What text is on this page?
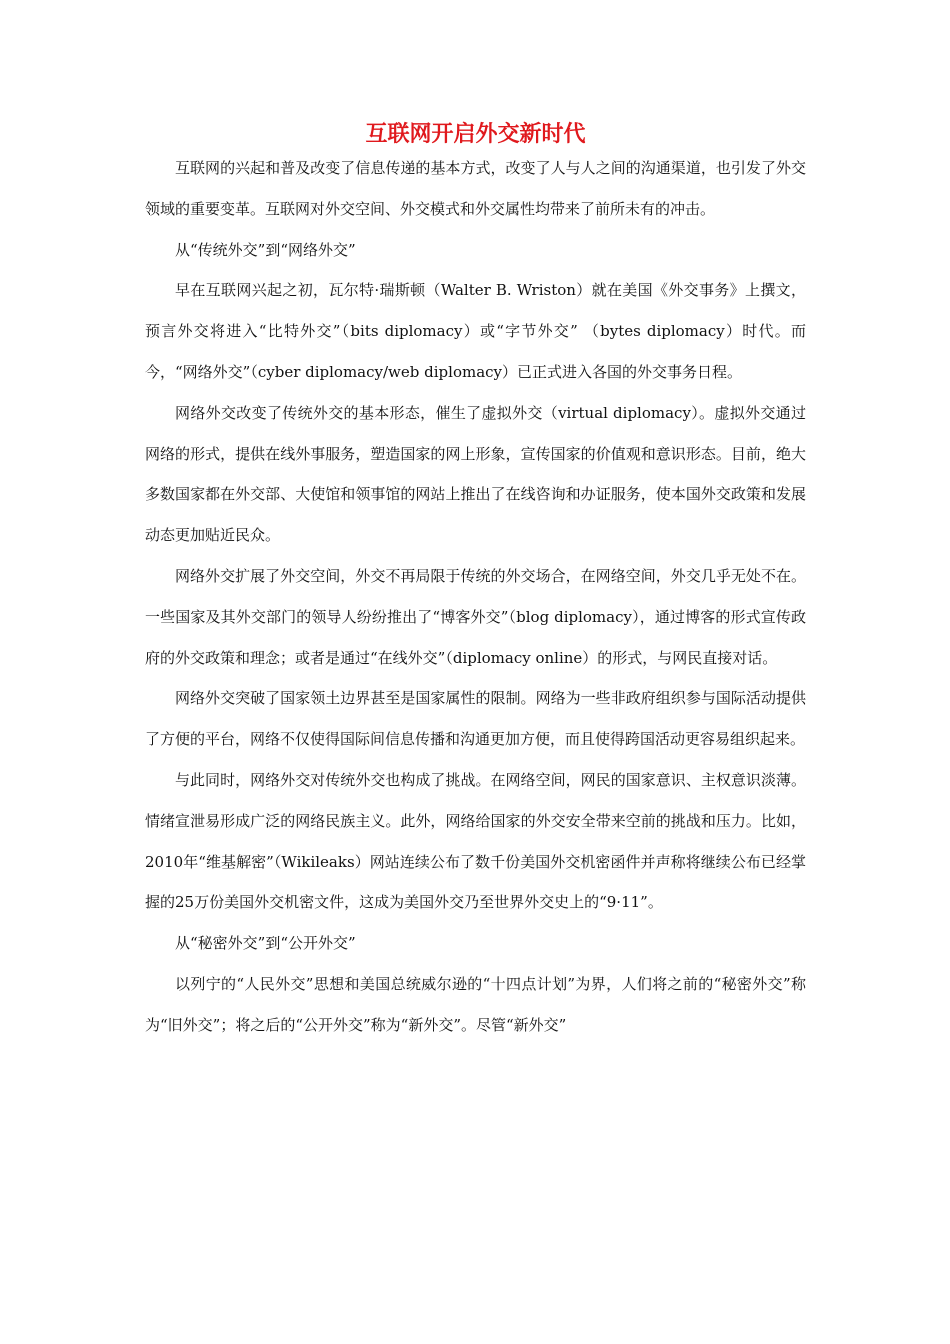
互联网开启外交新时代

互联网的兴起和普及改变了信息传递的基本方式，改变了人与人之间的沟通渠道，也引发了外交领域的重要变革。互联网对外交空间、外交模式和外交属性均带来了前所未有的冲击。

从“传统外交”到“网络外交”

早在互联网兴起之初，瓦尔特·瑞斯顿（Walter B. Wriston）就在美国《外交事务》上撰文，预言外交将进入“比特外交”（bits diplomacy）或“字节外交” （bytes diplomacy）时代。而今，“网络外交”（cyber diplomacy/web diplomacy）已正式进入各国的外交事务日程。

网络外交改变了传统外交的基本形态，催生了虚拟外交（virtual diplomacy）。虚拟外交通过网络的形式，提供在线外事服务，塑造国家的网上形象，宣传国家的价值观和意识形态。目前，绝大多数国家都在外交部、大使馆和领事馆的网站上推出了在线咨询和办证服务，使本国外交政策和发展动态更加贴近民众。

网络外交扩展了外交空间，外交不再局限于传统的外交场合，在网络空间，外交几乎无处不在。一些国家及其外交部门的领导人纷纷推出了“博客外交”（blog diplomacy），通过博客的形式宣传政府的外交政策和理念；或者是通过“在线外交”（diplomacy online）的形式，与网民直接对话。

网络外交突破了国家领土边界甚至是国家属性的限制。网络为一些非政府组织参与国际活动提供了方便的平台，网络不仅使得国际间信息传播和沟通更加方便，而且使得跨国活动更容易组织起来。

与此同时，网络外交对传统外交也构成了挑战。在网络空间，网民的国家意识、主权意识淡薄。情绪宣泄易形成广泛的网络民族主义。此外，网络给国家的外交安全带来空前的挑战和压力。比如，2010年“维基解密”（Wikileaks）网站连续公布了数千份美国外交机密函件并声称将继续公布已经掌握的25万份美国外交机密文件，这成为美国外交乃至世界外交史上的“9·11”。

从“秘密外交”到“公开外交”

以列宁的“人民外交”思想和美国总统威尔逊的“十四点计划”为界，人们将之前的“秘密外交”称为“旧外交”；将之后的“公开外交”称为“新外交”。尽管“新外交”
